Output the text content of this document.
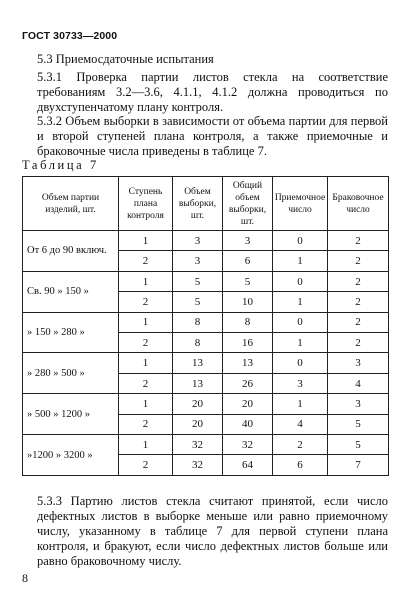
ГОСТ 30733—2000
5.3 Приемосдаточные испытания
5.3.1 Проверка партии листов стекла на соответствие требованиям 3.2—3.6, 4.1.1, 4.1.2 должна проводиться по двухступенчатому плану контроля.
5.3.2 Объем выборки в зависимости от объема партии для первой и второй ступеней плана контроля, а также приемочные и браковочные числа приведены в таблице 7.
Таблица 7
Объем партии изделий, шт.	Ступень плана контроля	Объем выборки, шт.	Общий объем выборки, шт.	Приемочное число	Браковочное число
От 6 до 90 включ.	1	3	3	0	2
	2	3	6	1	2
Св. 90 » 150 »	1	5	5	0	2
	2	5	10	1	2
» 150 » 280 »	1	8	8	0	2
	2	8	16	1	2
» 280 » 500 »	1	13	13	0	3
	2	13	26	3	4
» 500 » 1200 »	1	20	20	1	3
	2	20	40	4	5
»1200 » 3200 »	1	32	32	2	5
	2	32	64	6	7
5.3.3 Партию листов стекла считают принятой, если число дефектных листов в выборке меньше или равно приемочному числу, указанному в таблице 7 для первой ступени плана контроля, и бракуют, если число дефектных листов больше или равно браковочному числу.
8
